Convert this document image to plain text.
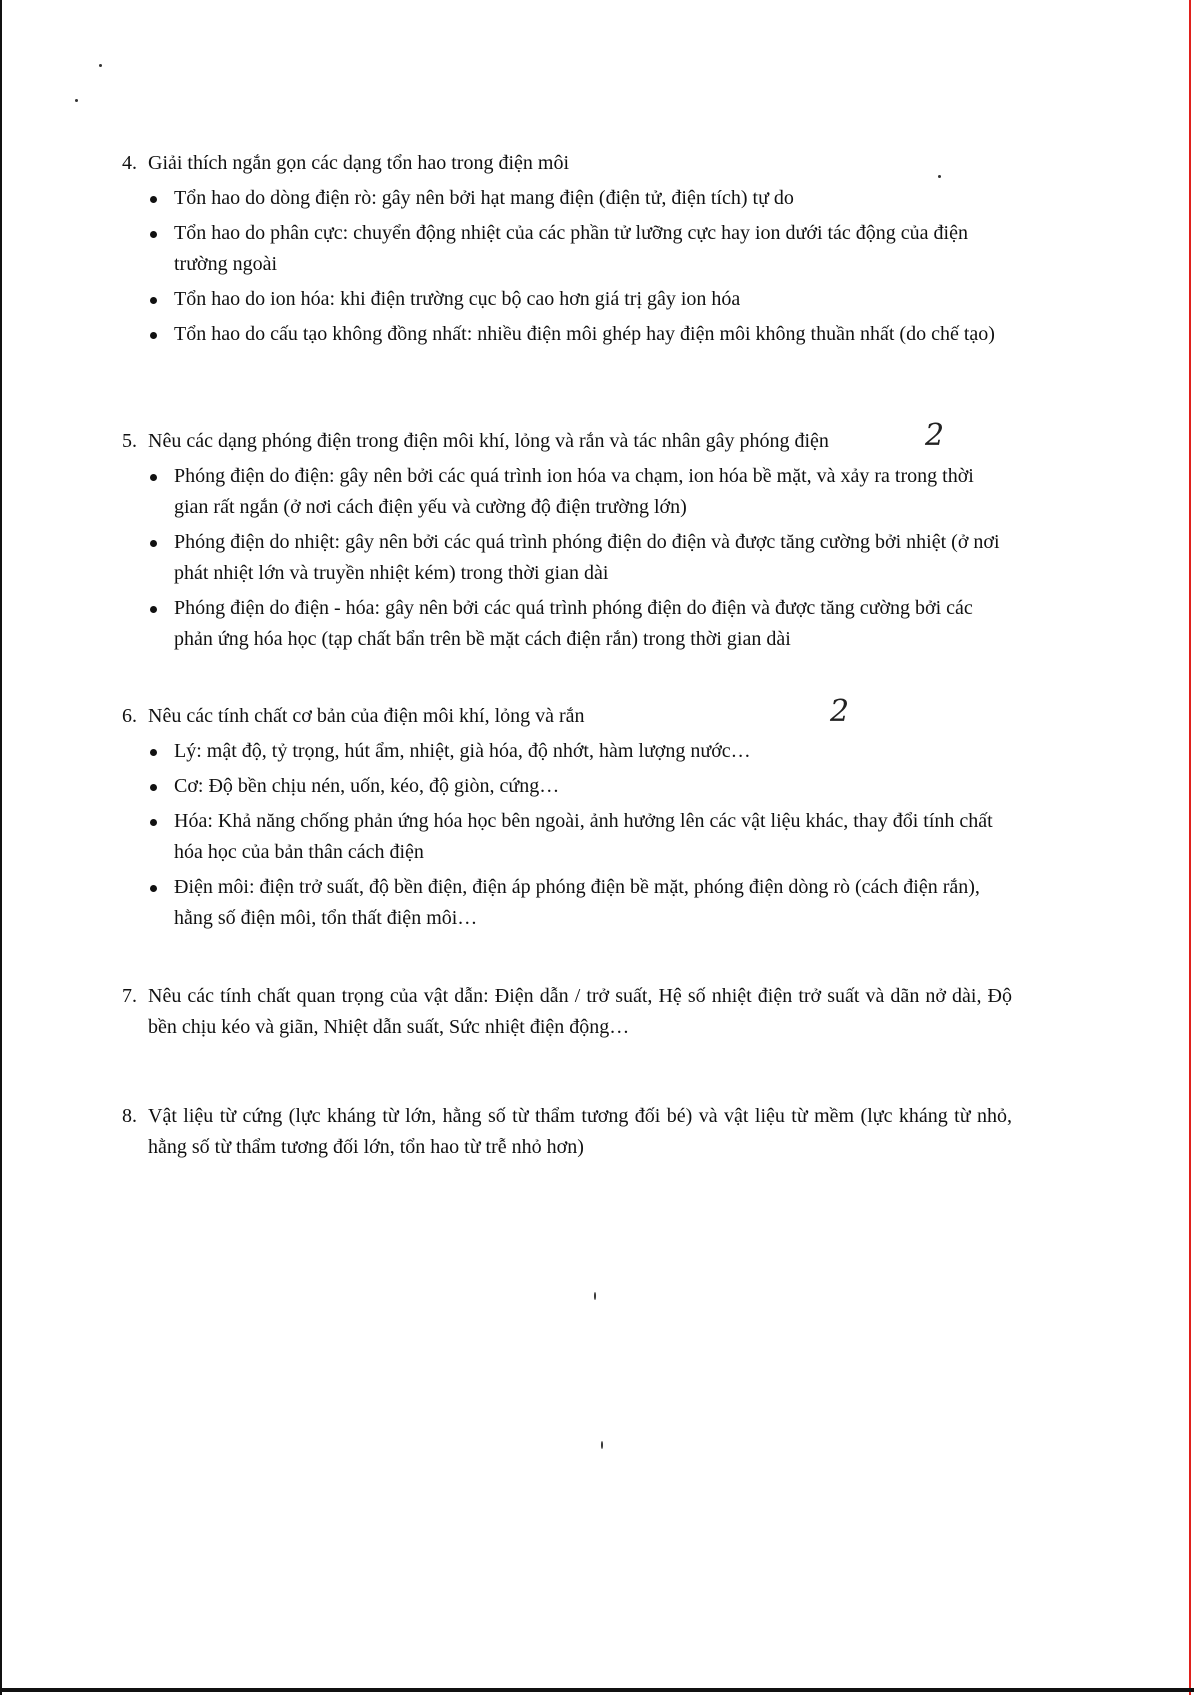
4. Giải thích ngắn gọn các dạng tổn hao trong điện môi
Tổn hao do dòng điện rò: gây nên bởi hạt mang điện (điện tử, điện tích) tự do
Tổn hao do phân cực: chuyển động nhiệt của các phần tử lưỡng cực hay ion dưới tác động của điện trường ngoài
Tổn hao do ion hóa: khi điện trường cục bộ cao hơn giá trị gây ion hóa
Tổn hao do cấu tạo không đồng nhất: nhiều điện môi ghép hay điện môi không thuần nhất (do chế tạo)
5. Nêu các dạng phóng điện trong điện môi khí, lỏng và rắn và tác nhân gây phóng điện
Phóng điện do điện: gây nên bởi các quá trình ion hóa va chạm, ion hóa bề mặt, và xảy ra trong thời gian rất ngắn (ở nơi cách điện yếu và cường độ điện trường lớn)
Phóng điện do nhiệt: gây nên bởi các quá trình phóng điện do điện và được tăng cường bởi nhiệt (ở nơi phát nhiệt lớn và truyền nhiệt kém) trong thời gian dài
Phóng điện do điện - hóa: gây nên bởi các quá trình phóng điện do điện và được tăng cường bởi các phản ứng hóa học (tạp chất bẩn trên bề mặt cách điện rắn) trong thời gian dài
2
6. Nêu các tính chất cơ bản của điện môi khí, lỏng và rắn
Lý: mật độ, tỷ trọng, hút ẩm, nhiệt, già hóa, độ nhớt, hàm lượng nước…
Cơ: Độ bền chịu nén, uốn, kéo, độ giòn, cứng…
Hóa: Khả năng chống phản ứng hóa học bên ngoài, ảnh hưởng lên các vật liệu khác, thay đổi tính chất hóa học của bản thân cách điện
Điện môi: điện trở suất, độ bền điện, điện áp phóng điện bề mặt, phóng điện dòng rò (cách điện rắn), hằng số điện môi, tổn thất điện môi…
2
7. Nêu các tính chất quan trọng của vật dẫn: Điện dẫn / trở suất, Hệ số nhiệt điện trở suất và dãn nở dài, Độ bền chịu kéo và giãn, Nhiệt dẫn suất, Sức nhiệt điện động…
8. Vật liệu từ cứng (lực kháng từ lớn, hằng số từ thẩm tương đối bé) và vật liệu từ mềm (lực kháng từ nhỏ, hằng số từ thẩm tương đối lớn, tổn hao từ trễ nhỏ hơn)
